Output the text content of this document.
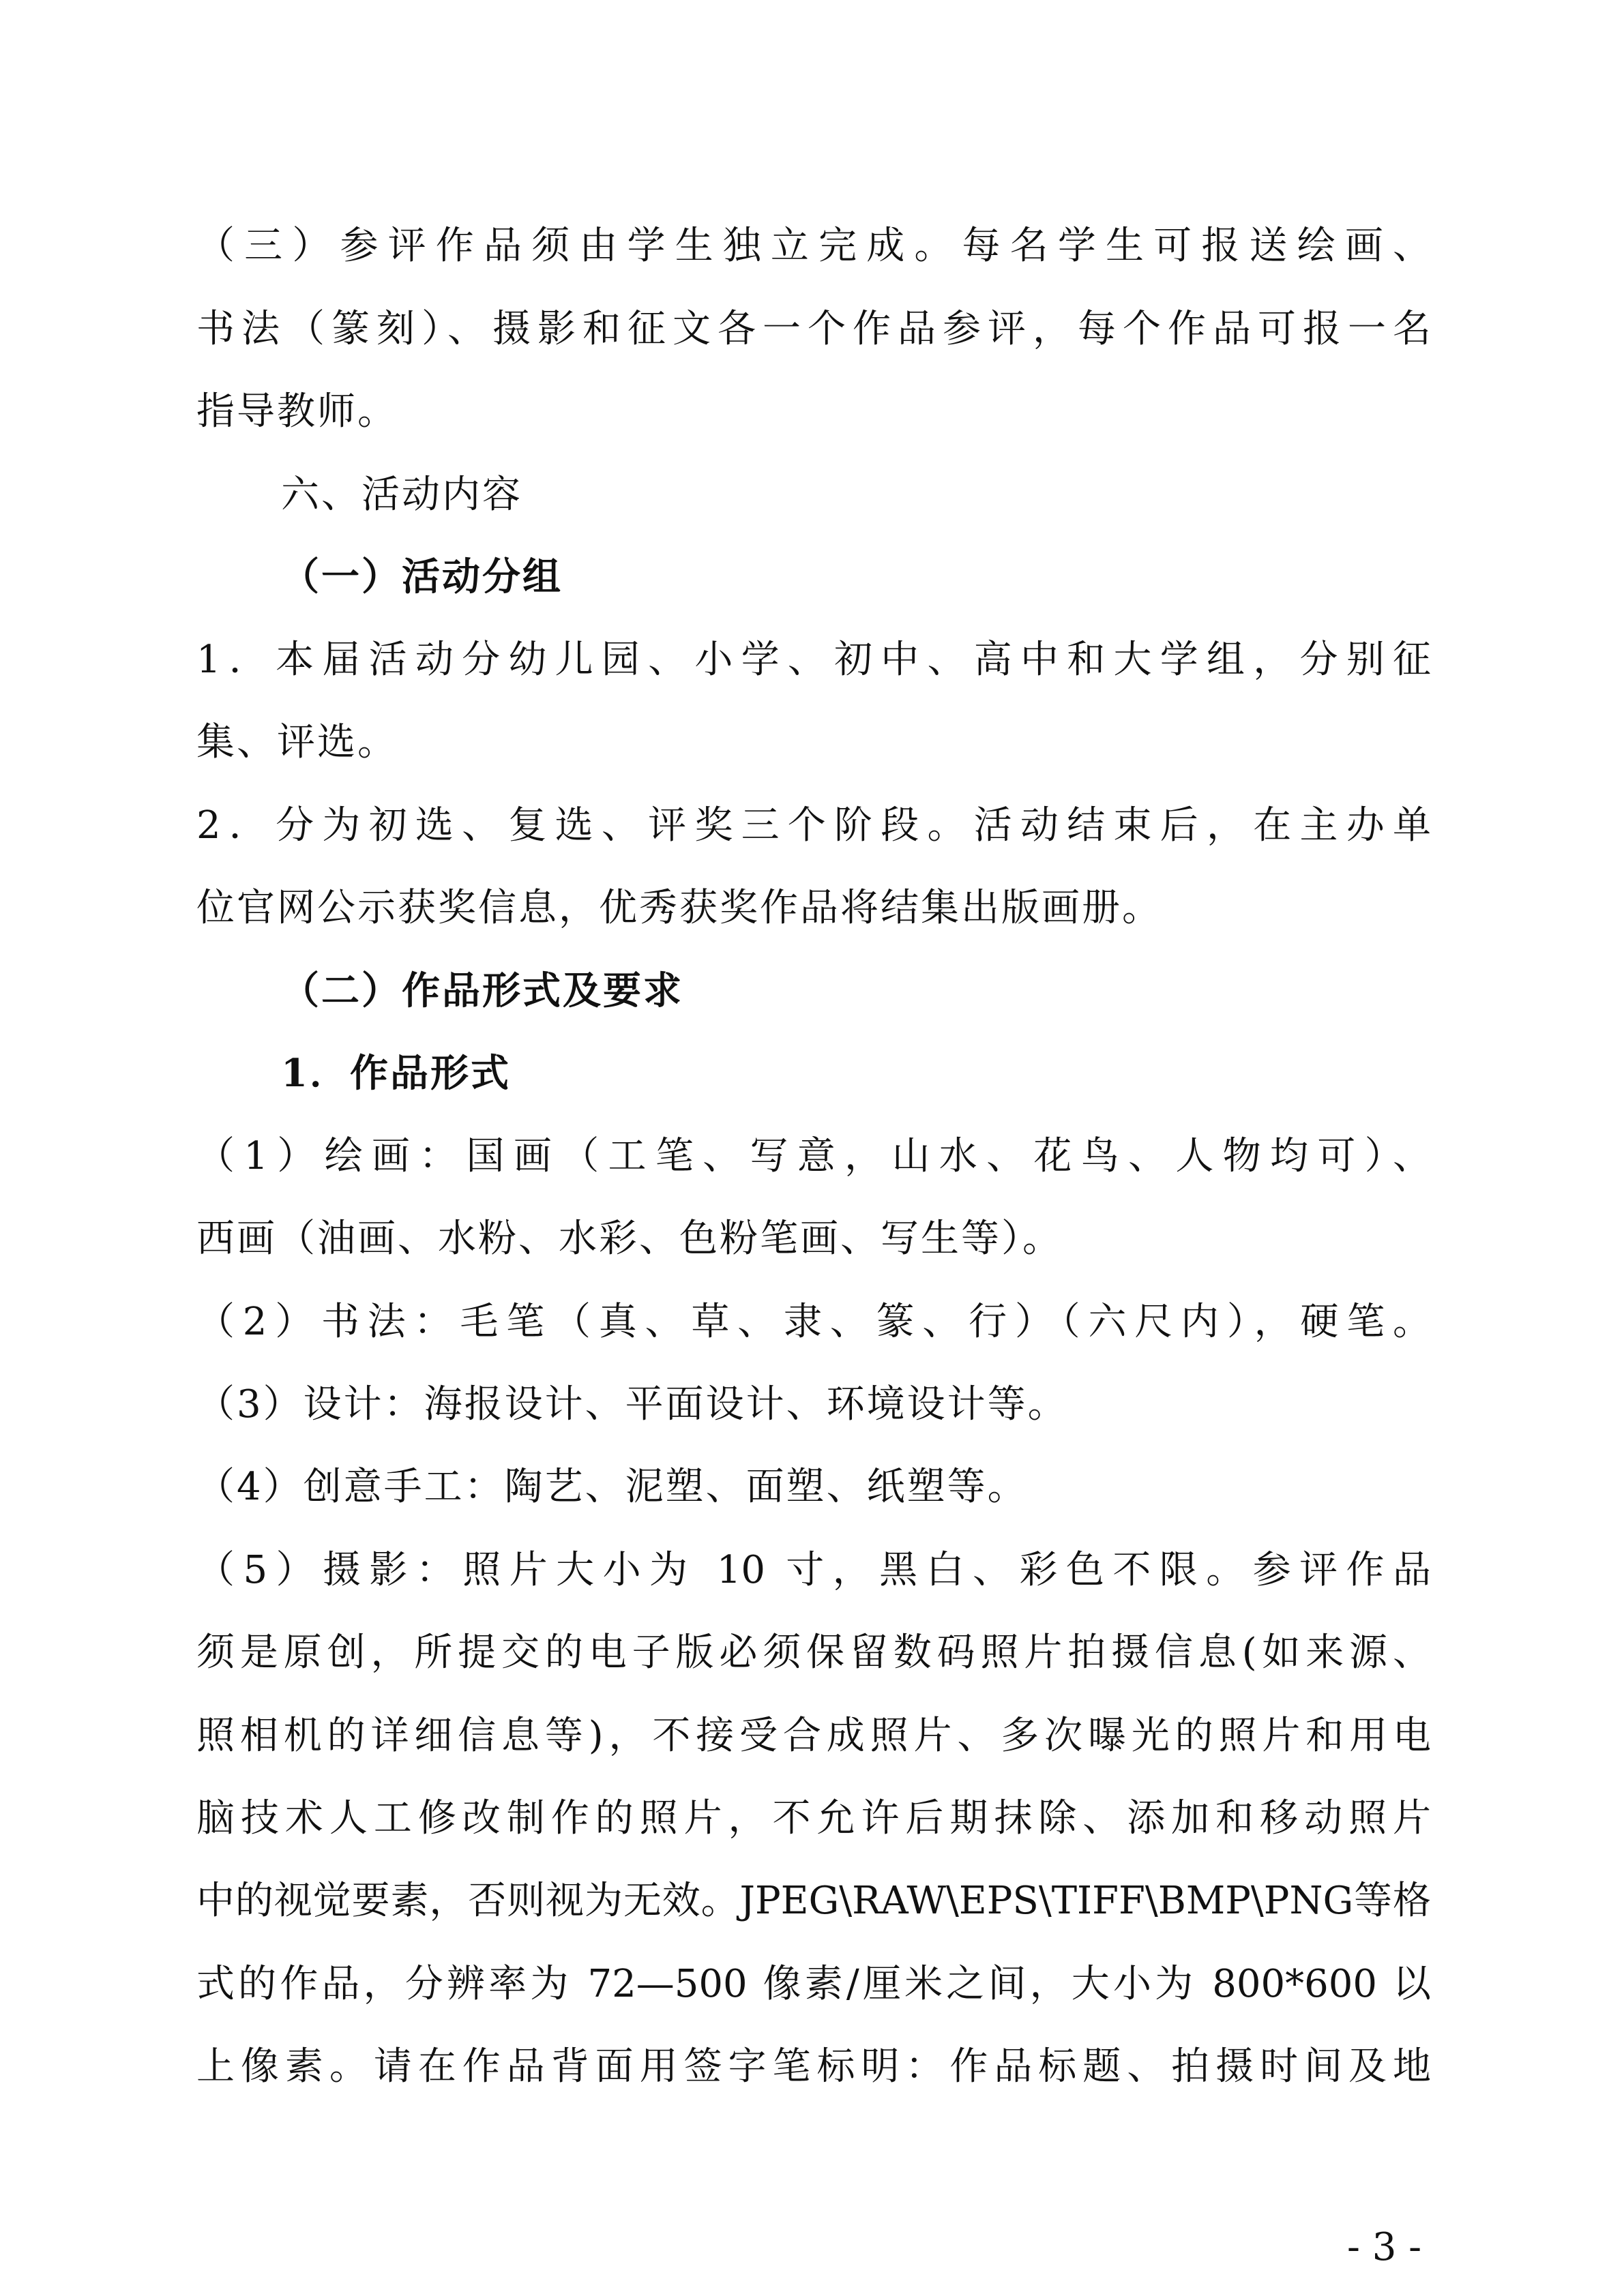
（三）参评作品须由学生独立完成。每名学生可报送绘画、
书法（篆刻）、摄影和征文各一个作品参评，每个作品可报一名
指导教师。
六、活动内容
（一）活动分组
1．本届活动分幼儿园、小学、初中、高中和大学组，分别征
集、评选。
2．分为初选、复选、评奖三个阶段。活动结束后，在主办单
位官网公示获奖信息，优秀获奖作品将结集出版画册。
（二）作品形式及要求
1．作品形式
（1）绘画：国画（工笔、写意，山水、花鸟、人物均可）、
西画（油画、水粉、水彩、色粉笔画、写生等）。
（2）书法：毛笔（真、草、隶、篆、行）（六尺内），硬笔。
（3）设计：海报设计、平面设计、环境设计等。
（4）创意手工：陶艺、泥塑、面塑、纸塑等。
（5）摄影：照片大小为 10 寸，黑白、彩色不限。参评作品
须是原创，所提交的电子版必须保留数码照片拍摄信息(如来源、
照相机的详细信息等)，不接受合成照片、多次曝光的照片和用电
脑技术人工修改制作的照片，不允许后期抹除、添加和移动照片
中的视觉要素，否则视为无效。JPEG\RAW\EPS\TIFF\BMP\PNG等格
式的作品，分辨率为 72—500 像素/厘米之间，大小为 800*600 以
上像素。请在作品背面用签字笔标明：作品标题、拍摄时间及地
- 3 -
